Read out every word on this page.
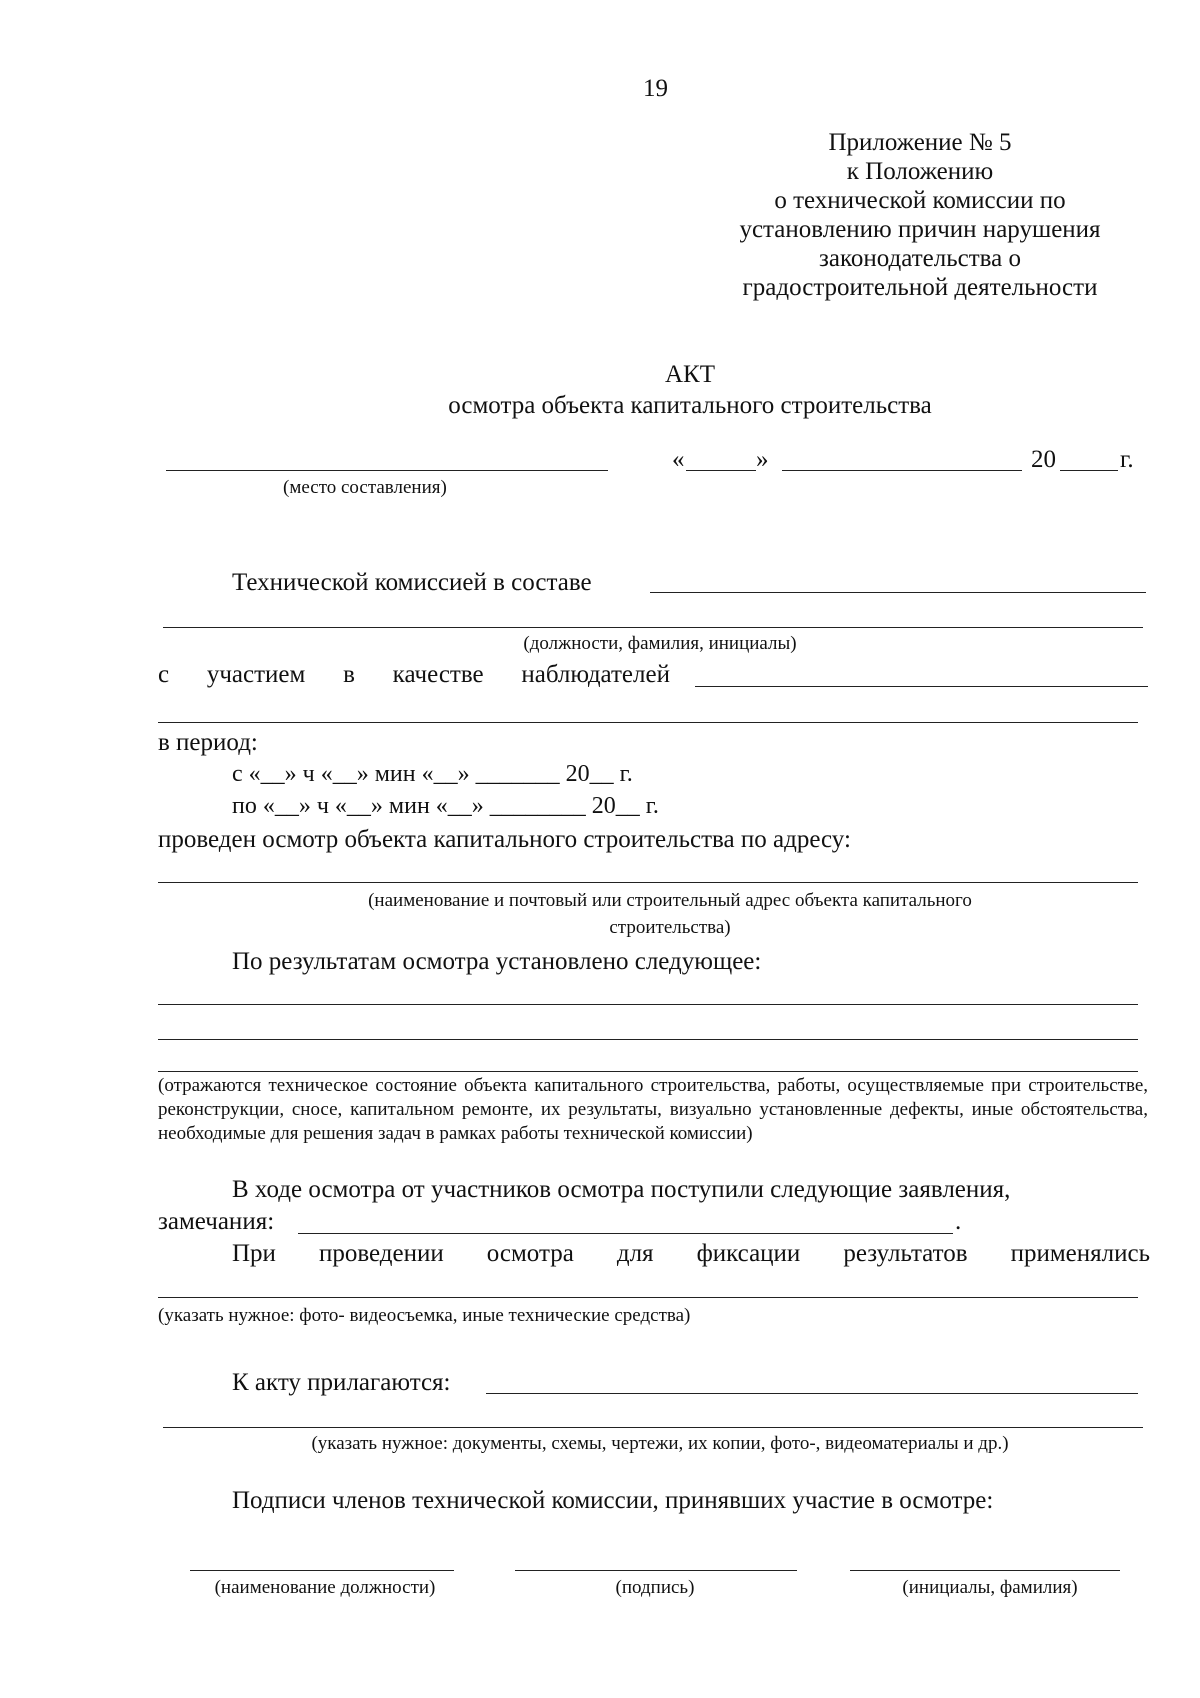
19
Приложение № 5
к Положению
о технической комиссии по
установлению причин нарушения
законодательства о
градостроительной деятельности
АКТ
осмотра объекта капитального строительства
«	»	20	г.
(место составления)
Технической комиссией в составе
(должности, фамилия, инициалы)
с участием в качестве наблюдателей
в период:
с «__» ч «__» мин «__» _______ 20__ г.
по «__» ч «__» мин «__» ________ 20__ г.
проведен осмотр объекта капитального строительства по адресу:
(наименование и почтовый или строительный адрес объекта капитального
строительства)
По результатам осмотра установлено следующее:
(отражаются техническое состояние объекта капитального строительства, работы, осуществляемые при строительстве, реконструкции, сносе, капитальном ремонте, их результаты, визуально установленные дефекты, иные обстоятельства, необходимые для решения задач в рамках работы технической комиссии)
В ходе осмотра от участников осмотра поступили следующие заявления,
замечания:	.
При проведении осмотра для фиксации результатов применялись
(указать нужное: фото- видеосъемка, иные технические средства)
К акту прилагаются:
(указать нужное: документы, схемы, чертежи, их копии, фото-, видеоматериалы и др.)
Подписи членов технической комиссии, принявших участие в осмотре:
(наименование должности)	(подпись)	(инициалы, фамилия)
